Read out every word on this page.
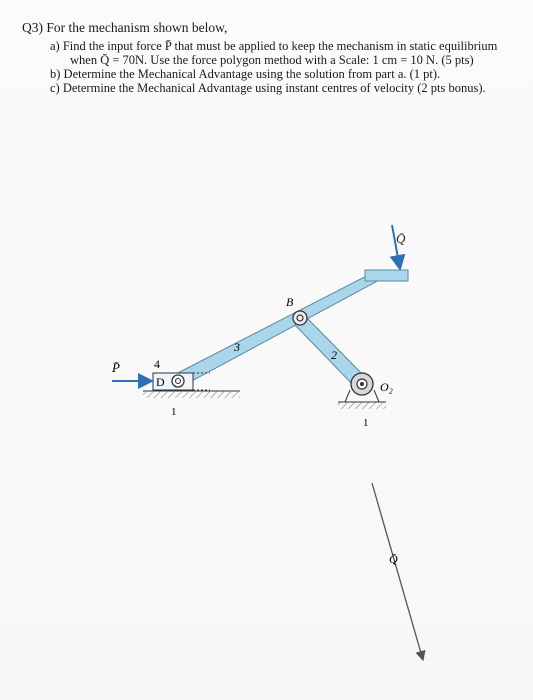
Q3) For the mechanism shown below,

a) Find the input force P̄ that must be applied to keep the mechanism in static equilibrium

when Q̄ = 70N. Use the force polygon method with a Scale: 1 cm = 10 N. (5 pts)

b) Determine the Mechanical Advantage using the solution from part a. (1 pt).

c) Determine the Mechanical Advantage using instant centres of velocity (2 pts bonus).

Q̄
B
3
2
O₂
1
D
4
1
P̄
Q̄
